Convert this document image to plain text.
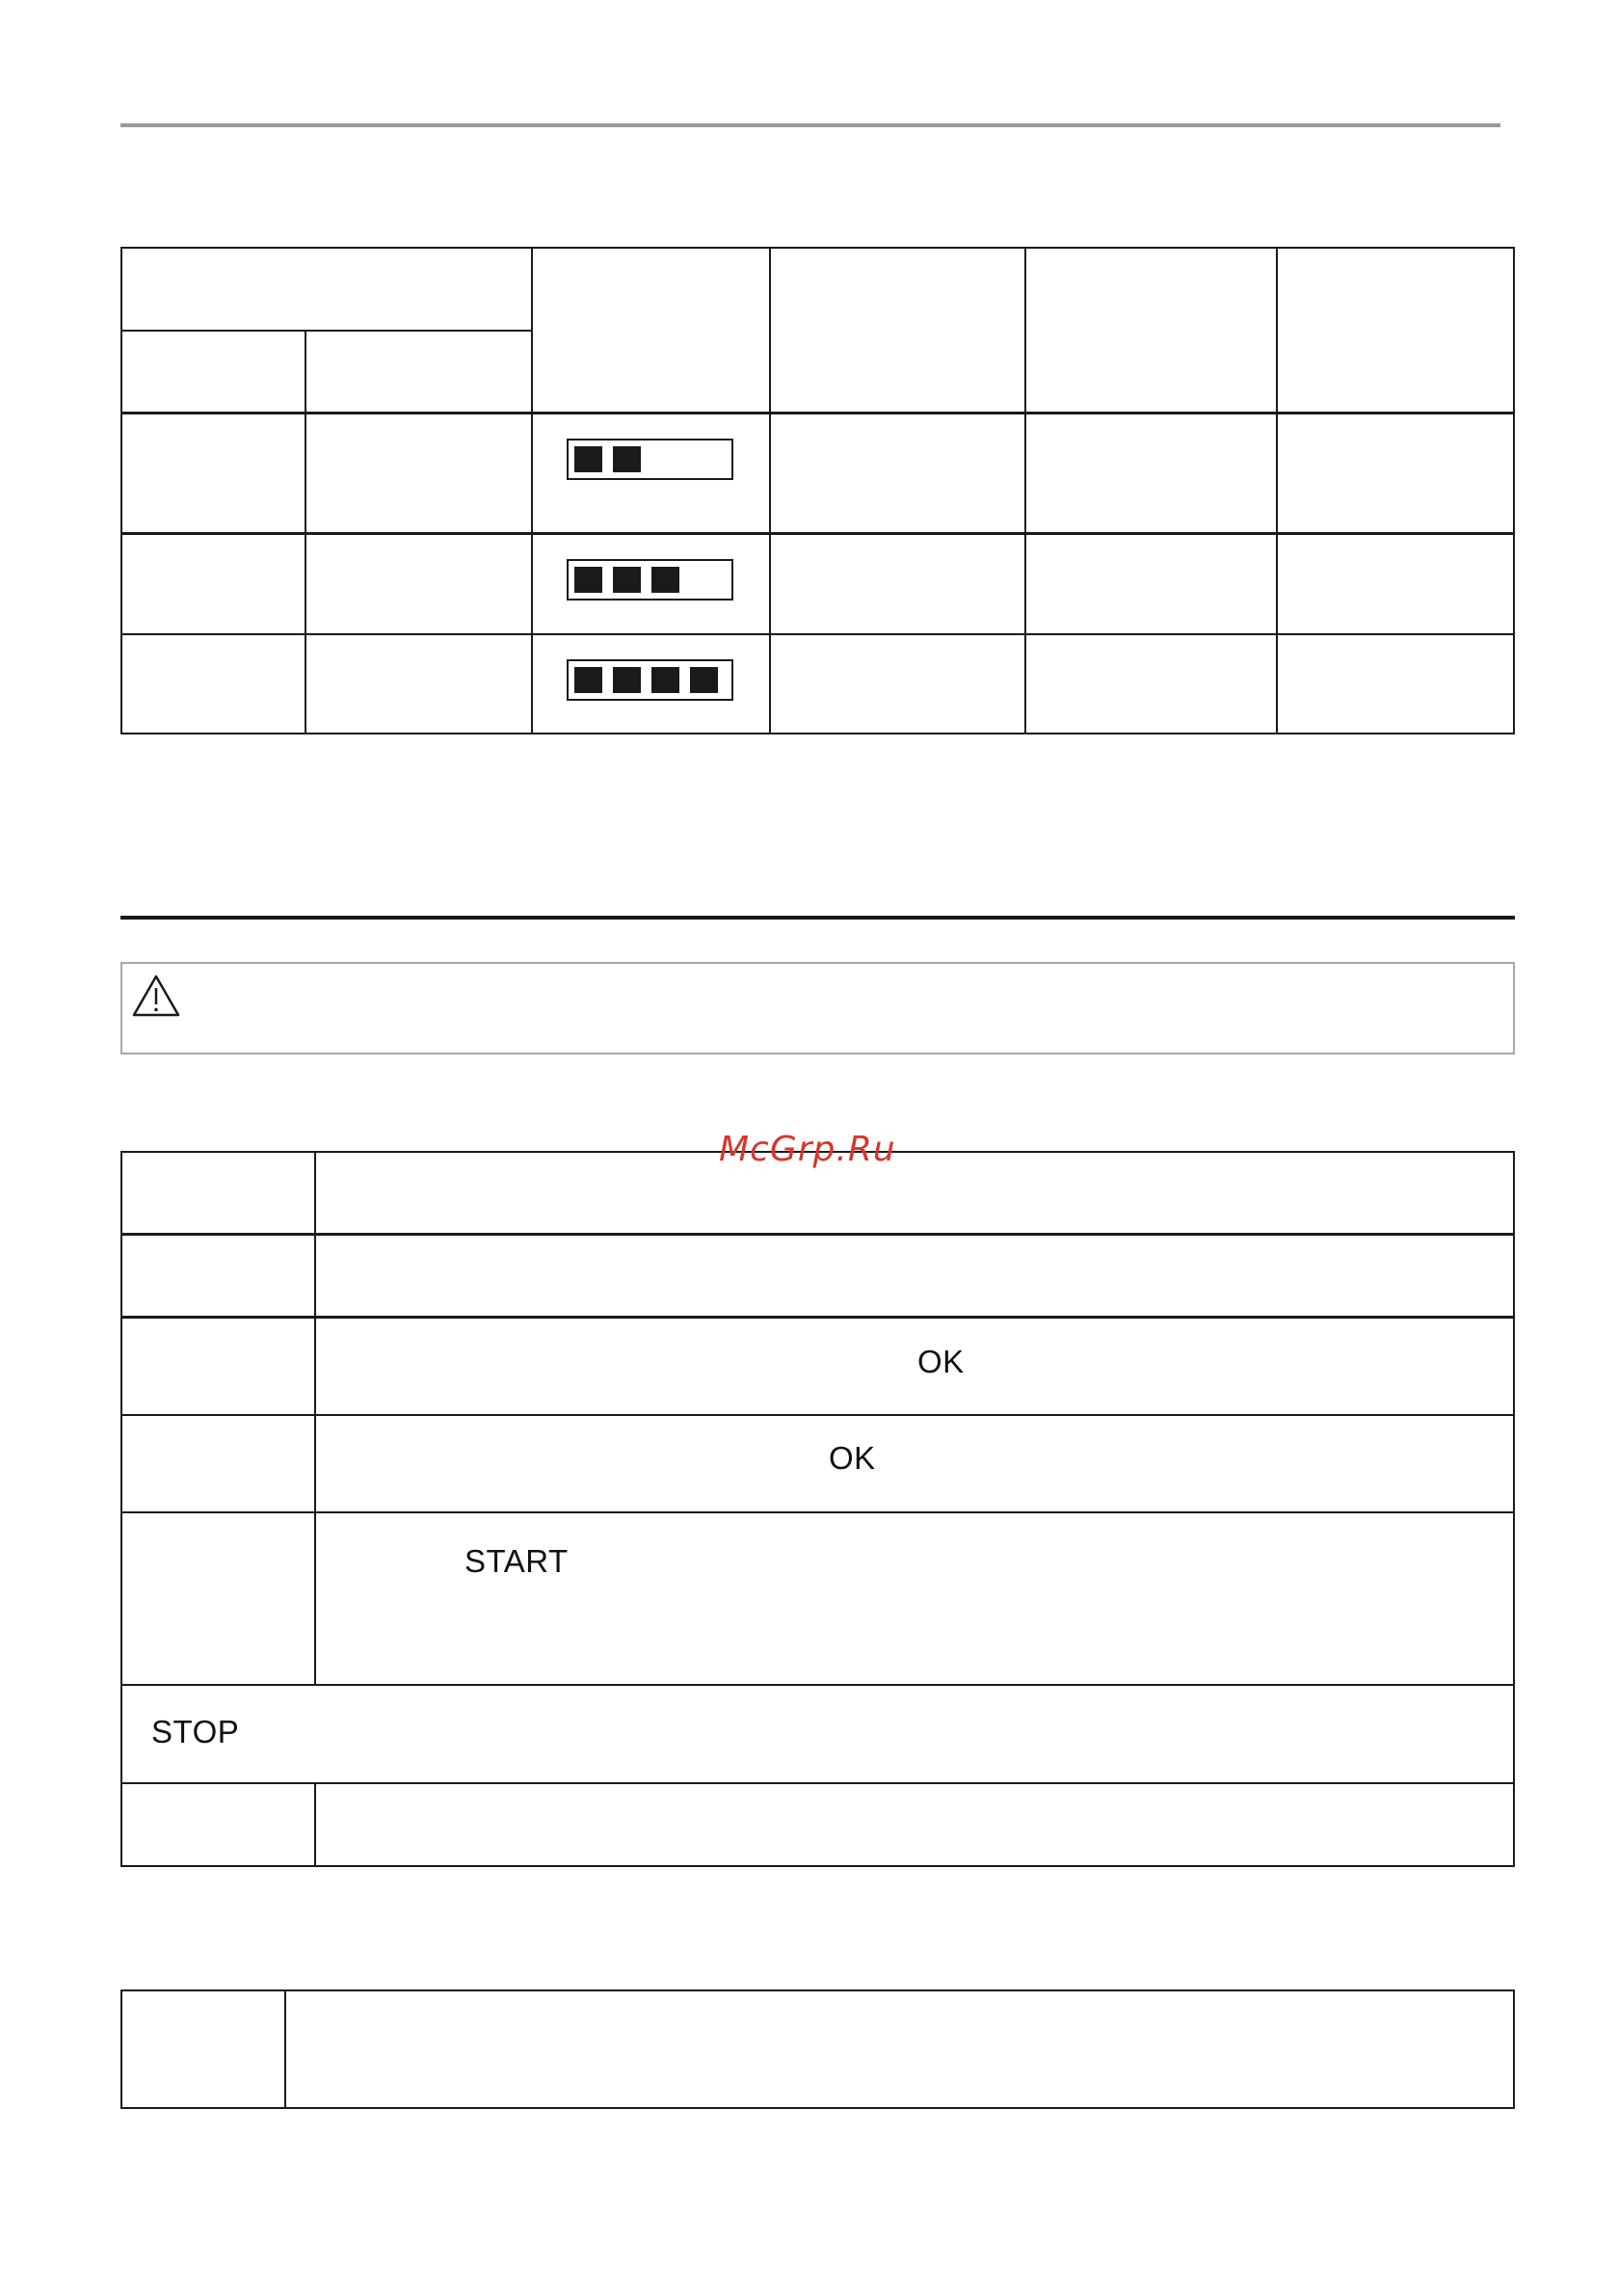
OK
OK
START
STOP
McGrp.Ru
